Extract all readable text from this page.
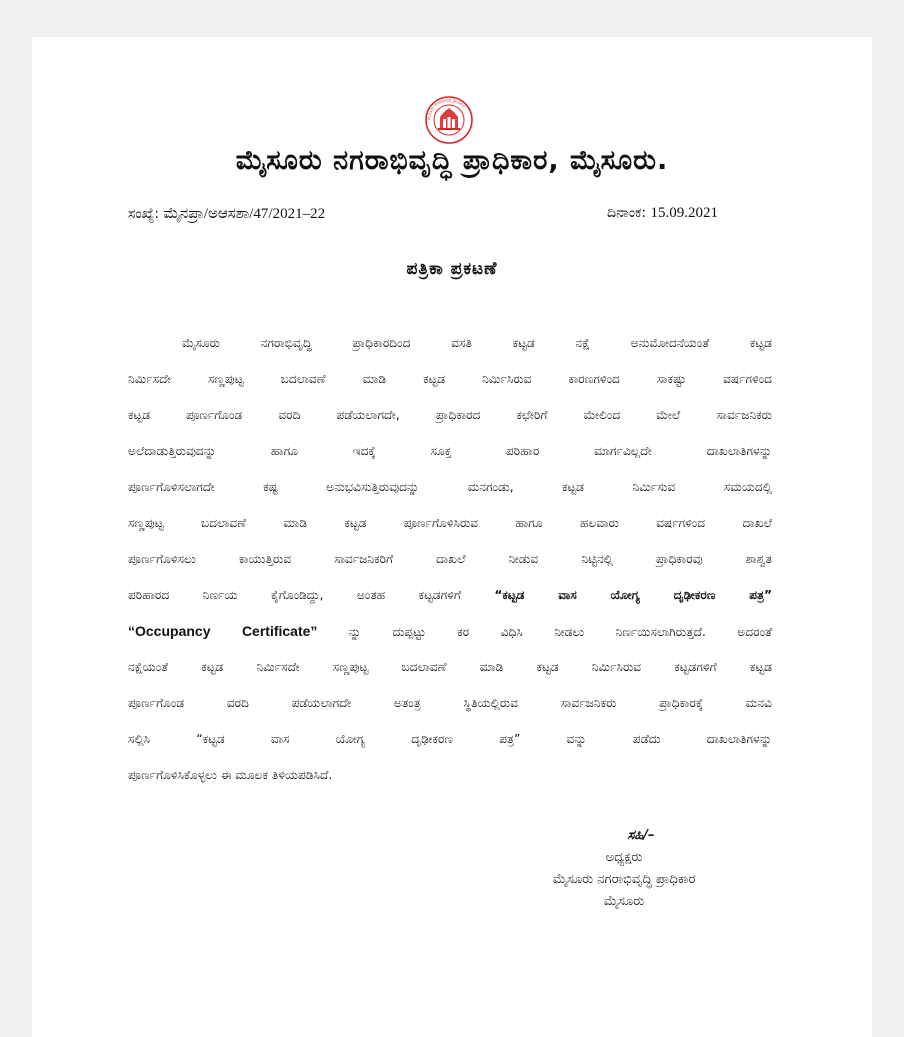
ಮೈಸೂರು ನಗರಾಭಿವೃದ್ಧಿ ಪ್ರಾಧಿಕಾರ
ಮೈಸೂರು ನಗರಾಭಿವೃದ್ಧಿ ಪ್ರಾಧಿಕಾರ, ಮೈಸೂರು.
ಸಂಖ್ಯೆ: ಮೈನಪ್ರಾ/ಅಆಸಶಾ/47/2021–22	ದಿನಾಂಕ: 15.09.2021
ಪತ್ರಿಕಾ ಪ್ರಕಟಣೆ
ಮೈಸೂರು ನಗರಾಭಿವೃದ್ಧಿ ಪ್ರಾಧಿಕಾರದಿಂದ ವಸತಿ ಕಟ್ಟಡ ನಕ್ಷೆ ಅನುಮೋದನೆಯಂತೆ ಕಟ್ಟಡ
ನಿರ್ಮಿಸದೇ ಸಣ್ಣಪುಟ್ಟ ಬದಲಾವಣೆ ಮಾಡಿ ಕಟ್ಟಡ ನಿರ್ಮಿಸಿರುವ ಕಾರಣಗಳಿಂದ ಸಾಕಷ್ಟು ವರ್ಷಗಳಿಂದ
ಕಟ್ಟಡ ಪೂರ್ಣಗೊಂಡ ವರದಿ ಪಡೆಯಲಾಗದೇ, ಪ್ರಾಧಿಕಾರದ ಕಛೇರಿಗೆ ಮೇಲಿಂದ ಮೇಲೆ ಸಾರ್ವಜನಿಕರು
ಅಲೆದಾಡುತ್ತಿರುವುದನ್ನು ಹಾಗೂ ಇದಕ್ಕೆ ಸೂಕ್ತ ಪರಿಹಾರ ಮಾರ್ಗವಿಲ್ಲದೇ ದಾಖಲಾತಿಗಳನ್ನು
ಪೂರ್ಣಗೊಳಿಸಲಾಗದೇ ಕಷ್ಟ ಅನುಭವಿಸುತ್ತಿರುವುದನ್ನು ಮನಗಂಡು, ಕಟ್ಟಡ ನಿರ್ಮಿಸುವ ಸಮಯದಲ್ಲಿ
ಸಣ್ಣಪುಟ್ಟ ಬದಲಾವಣೆ ಮಾಡಿ ಕಟ್ಟಡ ಪೂರ್ಣಗೊಳಿಸಿರುವ ಹಾಗೂ ಹಲವಾರು ವರ್ಷಗಳಿಂದ ದಾಖಲೆ
ಪೂರ್ಣಗೊಳಿಸಲು ಕಾಯುತ್ತಿರುವ ಸಾರ್ವಜನಿಕರಿಗೆ ದಾಖಲೆ ನೀಡುವ ನಿಟ್ಟಿನಲ್ಲಿ ಪ್ರಾಧಿಕಾರವು ಶಾಶ್ವತ
ಪರಿಹಾರದ ನಿರ್ಣಯ ಕೈಗೊಂಡಿದ್ದು, ಅಂತಹ ಕಟ್ಟಡಗಳಿಗೆ	“ಕಟ್ಟಡ ವಾಸ ಯೋಗ್ಯ ದೃಢೀಕರಣ ಪತ್ರ”
“Occupancy Certificate”	ನ್ನು ದುಪ್ಪಟ್ಟು ಕರ ವಿಧಿಸಿ ನೀಡಲು ನಿರ್ಣಯಿಸಲಾಗಿರುತ್ತದೆ. ಅದರಂತೆ
ನಕ್ಷೆಯಂತೆ ಕಟ್ಟಡ ನಿರ್ಮಿಸದೇ ಸಣ್ಣಪುಟ್ಟ ಬದಲಾವಣೆ ಮಾಡಿ ಕಟ್ಟಡ ನಿರ್ಮಿಸಿರುವ ಕಟ್ಟಡಗಳಿಗೆ ಕಟ್ಟಡ
ಪೂರ್ಣಗೊಂಡ ವರದಿ ಪಡೆಯಲಾಗದೇ ಅತಂತ್ರ ಸ್ಥಿತಿಯಲ್ಲಿರುವ ಸಾರ್ವಜನಿಕರು ಪ್ರಾಧಿಕಾರಕ್ಕೆ ಮನವಿ
ಸಲ್ಲಿಸಿ “ಕಟ್ಟಡ ವಾಸ ಯೋಗ್ಯ ದೃಢೀಕರಣ ಪತ್ರ” ವನ್ನು ಪಡೆದು ದಾಖಲಾತಿಗಳನ್ನು
ಪೂರ್ಣಗೊಳಿಸಿಕೊಳ್ಳಲು ಈ ಮೂಲಕ ತಿಳಿಯಪಡಿಸಿದೆ.
ಸಹಿ/–
ಅಧ್ಯಕ್ಷರು
ಮೈಸೂರು ನಗರಾಭಿವೃದ್ಧಿ ಪ್ರಾಧಿಕಾರ
ಮೈಸೂರು
